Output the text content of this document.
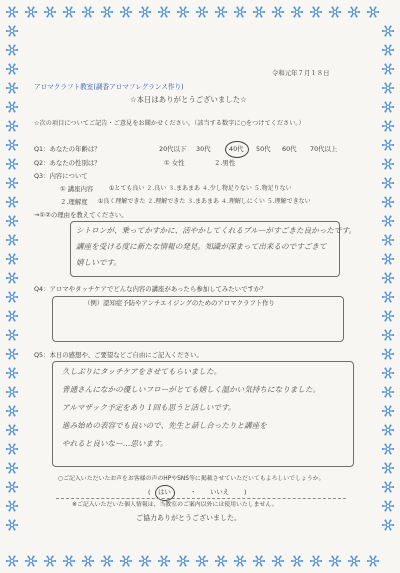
令和元年７月１８日
アロマクラフト教室(調香アロマフレグランス作り)
☆本日はありがとうございました☆
☆次の項目についてご記告・ご意見をお聞かせください。（該当する数字に○をつけてください。）
Q1：あなたの年齢は？	20代以下 30代	40代 50代 60代 70代以上
Q2：あなたの性別は？	① 女性	２.男性
Q3：内容について
① 講座内容	①とても良い ２.良い ３.まあまあ ４.少し物足りない ５.物足りない
２.理解度 ①良く理解できた ２.理解できた ３.まあまあ ４.理解しにくい ５.理解できない
→①②の理由を教えてください。
シトロンが、乗ってかすかに、活やかしてくれるブルーがすごきた良かったです。
講座を受ける度に新たな情報の発見。知識が深まって出来るのですごきて
嬉しいです。
Q4：アロマやタッチケアでどんな内容の講座があったら参加してみたいですか？
（例）認知症予防やアンチエイジングのためのアロマクラフト作り
Q5：本日の感想や、ご要望などご自由にご記入ください。
久しぶりにタッチケアをさせてもらいました。
普通さんになかの優しいフローがとても嬉しく温かい気持ちになりました。
アルマザック予定をあり１回も思うと活しいです。
進み始めの表容でも良いので、先生と話し合ったりと講座を
やれると良いなー…思います。
○ご記入いただいたお声をお客様の声のHPやSNS等に掲載させていただいてもよろしいでしょうか。
( はい	・ いいえ )
※ご記入いただいた個人情報は、当教室のご案内以外には使用いたしません。
ご協力ありがとうございました。
